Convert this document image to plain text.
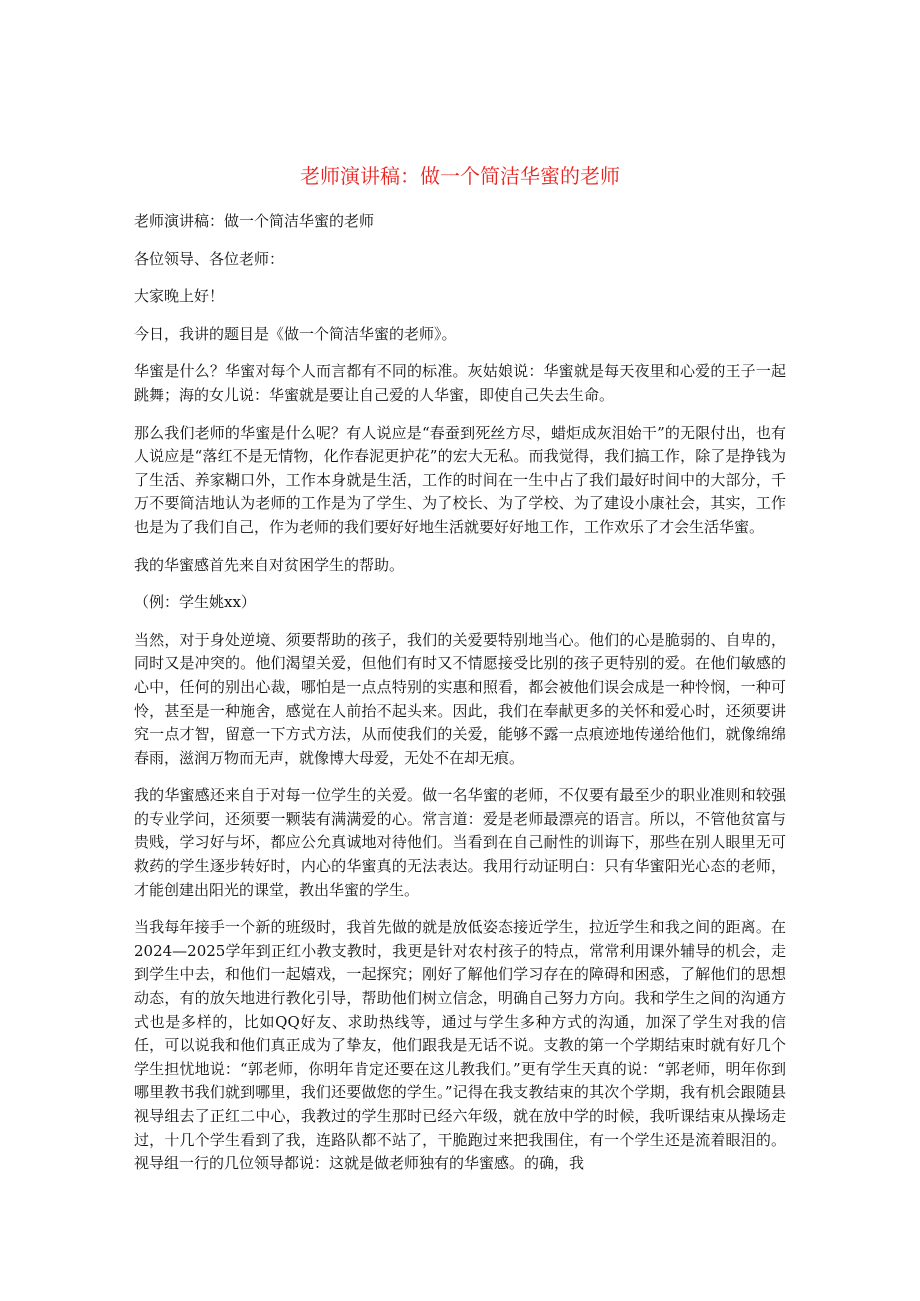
老师演讲稿：做一个简洁华蜜的老师

老师演讲稿：做一个简洁华蜜的老师

各位领导、各位老师：

大家晚上好！

今日，我讲的题目是《做一个简洁华蜜的老师》。

华蜜是什么？华蜜对每个人而言都有不同的标准。灰姑娘说：华蜜就是每天夜里和心爱的王子一起跳舞；海的女儿说：华蜜就是要让自己爱的人华蜜，即使自己失去生命。

那么我们老师的华蜜是什么呢？有人说应是“春蚕到死丝方尽，蜡炬成灰泪始干”的无限付出，也有人说应是“落红不是无情物，化作春泥更护花”的宏大无私。而我觉得，我们搞工作，除了是挣钱为了生活、养家糊口外，工作本身就是生活，工作的时间在一生中占了我们最好时间中的大部分，千万不要简洁地认为老师的工作是为了学生、为了校长、为了学校、为了建设小康社会，其实，工作也是为了我们自己，作为老师的我们要好好地生活就要好好地工作，工作欢乐了才会生活华蜜。

我的华蜜感首先来自对贫困学生的帮助。

（例：学生姚xx）

当然，对于身处逆境、须要帮助的孩子，我们的关爱要特别地当心。他们的心是脆弱的、自卑的，同时又是冲突的。他们渴望关爱，但他们有时又不情愿接受比别的孩子更特别的爱。在他们敏感的心中，任何的别出心裁，哪怕是一点点特别的实惠和照看，都会被他们误会成是一种怜悯，一种可怜，甚至是一种施舍，感觉在人前抬不起头来。因此，我们在奉献更多的关怀和爱心时，还须要讲究一点才智，留意一下方式方法，从而使我们的关爱，能够不露一点痕迹地传递给他们，就像绵绵春雨，滋润万物而无声，就像博大母爱，无处不在却无痕。

我的华蜜感还来自于对每一位学生的关爱。做一名华蜜的老师，不仅要有最至少的职业准则和较强的专业学问，还须要一颗装有满满爱的心。常言道：爱是老师最漂亮的语言。所以，不管他贫富与贵贱，学习好与坏，都应公允真诚地对待他们。当看到在自己耐性的训诲下，那些在别人眼里无可救药的学生逐步转好时，内心的华蜜真的无法表达。我用行动证明白：只有华蜜阳光心态的老师，才能创建出阳光的课堂，教出华蜜的学生。

当我每年接手一个新的班级时，我首先做的就是放低姿态接近学生，拉近学生和我之间的距离。在2024—2025学年到正红小教支教时，我更是针对农村孩子的特点，常常利用课外辅导的机会，走到学生中去，和他们一起嬉戏，一起探究；刚好了解他们学习存在的障碍和困惑，了解他们的思想动态，有的放矢地进行教化引导，帮助他们树立信念，明确自己努力方向。我和学生之间的沟通方式也是多样的，比如QQ好友、求助热线等，通过与学生多种方式的沟通，加深了学生对我的信任，可以说我和他们真正成为了挚友，他们跟我是无话不说。支教的第一个学期结束时就有好几个学生担忧地说：“郭老师，你明年肯定还要在这儿教我们。”更有学生天真的说：“郭老师，明年你到哪里教书我们就到哪里，我们还要做您的学生。”记得在我支教结束的其次个学期，我有机会跟随县视导组去了正红二中心，我教过的学生那时已经六年级，就在放中学的时候，我听课结束从操场走过，十几个学生看到了我，连路队都不站了，干脆跑过来把我围住，有一个学生还是流着眼泪的。视导组一行的几位领导都说：这就是做老师独有的华蜜感。的确，我
